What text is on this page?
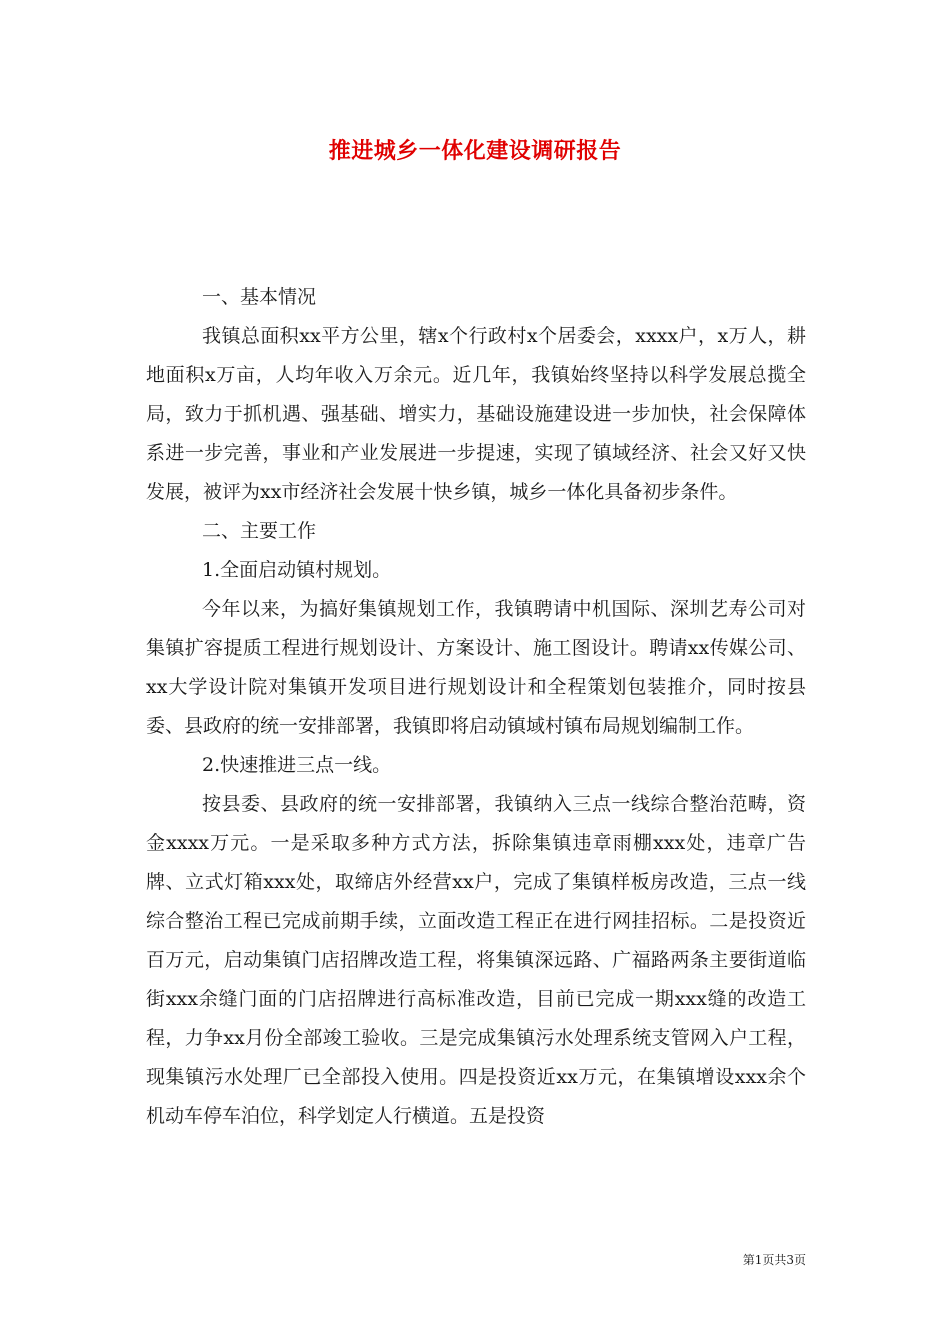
推进城乡一体化建设调研报告

一、基本情况

我镇总面积xx平方公里，辖x个行政村x个居委会，xxxx户，x万人，耕地面积x万亩，人均年收入万余元。近几年，我镇始终坚持以科学发展总揽全局，致力于抓机遇、强基础、增实力，基础设施建设进一步加快，社会保障体系进一步完善，事业和产业发展进一步提速，实现了镇域经济、社会又好又快发展，被评为xx市经济社会发展十快乡镇，城乡一体化具备初步条件。

二、主要工作

1.全面启动镇村规划。

今年以来，为搞好集镇规划工作，我镇聘请中机国际、深圳艺寿公司对集镇扩容提质工程进行规划设计、方案设计、施工图设计。聘请xx传媒公司、xx大学设计院对集镇开发项目进行规划设计和全程策划包装推介，同时按县委、县政府的统一安排部署，我镇即将启动镇域村镇布局规划编制工作。

2.快速推进三点一线。

按县委、县政府的统一安排部署，我镇纳入三点一线综合整治范畴，资金xxxx万元。一是采取多种方式方法，拆除集镇违章雨棚xxx处，违章广告牌、立式灯箱xxx处，取缔店外经营xx户，完成了集镇样板房改造，三点一线综合整治工程已完成前期手续，立面改造工程正在进行网挂招标。二是投资近百万元，启动集镇门店招牌改造工程，将集镇深远路、广福路两条主要街道临街xxx余缝门面的门店招牌进行高标准改造，目前已完成一期xxx缝的改造工程，力争xx月份全部竣工验收。三是完成集镇污水处理系统支管网入户工程，现集镇污水处理厂已全部投入使用。四是投资近xx万元，在集镇增设xxx余个机动车停车泊位，科学划定人行横道。五是投资

第1页共3页
